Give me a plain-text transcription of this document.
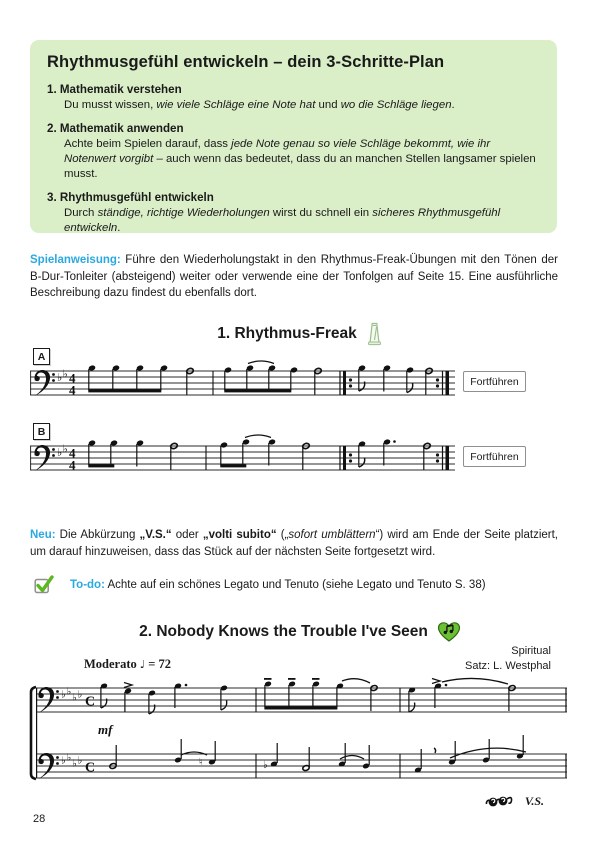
Rhythmusgefühl entwickeln – dein 3-Schritte-Plan
1. Mathematik verstehen
Du musst wissen, wie viele Schläge eine Note hat und wo die Schläge liegen.
2. Mathematik anwenden
Achte beim Spielen darauf, dass jede Note genau so viele Schläge bekommt, wie ihr Notenwert vorgibt – auch wenn das bedeutet, dass du an manchen Stellen langsamer spielen musst.
3. Rhythmusgefühl entwickeln
Durch ständige, richtige Wiederholungen wirst du schnell ein sicheres Rhythmusgefühl entwickeln.
Spielanweisung: Führe den Wiederholungstakt in den Rhythmus-Freak-Übungen mit den Tönen der B-Dur-Tonleiter (absteigend) weiter oder verwende eine der Tonfolgen auf Seite 15. Eine ausführliche Beschreibung dazu findest du ebenfalls dort.
1. Rhythmus-Freak
A
♭ ♭ 4
4
Fortführen
B
♭ ♭ 4
4
Fortführen
Neu: Die Abkürzung „V.S.“ oder „volti subito“ („sofort umblättern“) wird am Ende der Seite platziert, um darauf hinzuweisen, dass das Stück auf der nächsten Seite fortgesetzt wird.
To-do: Achte auf ein schönes Legato und Tenuto (siehe Legato und Tenuto S. 38)
2. Nobody Knows the Trouble I've Seen
Spiritual
Satz: L. Westphal
Moderato ♩ = 72
♭ ♭
♭ ♭
♭ ♭
♭ ♭
C
C
mf
♮	♭
V.S.
28
